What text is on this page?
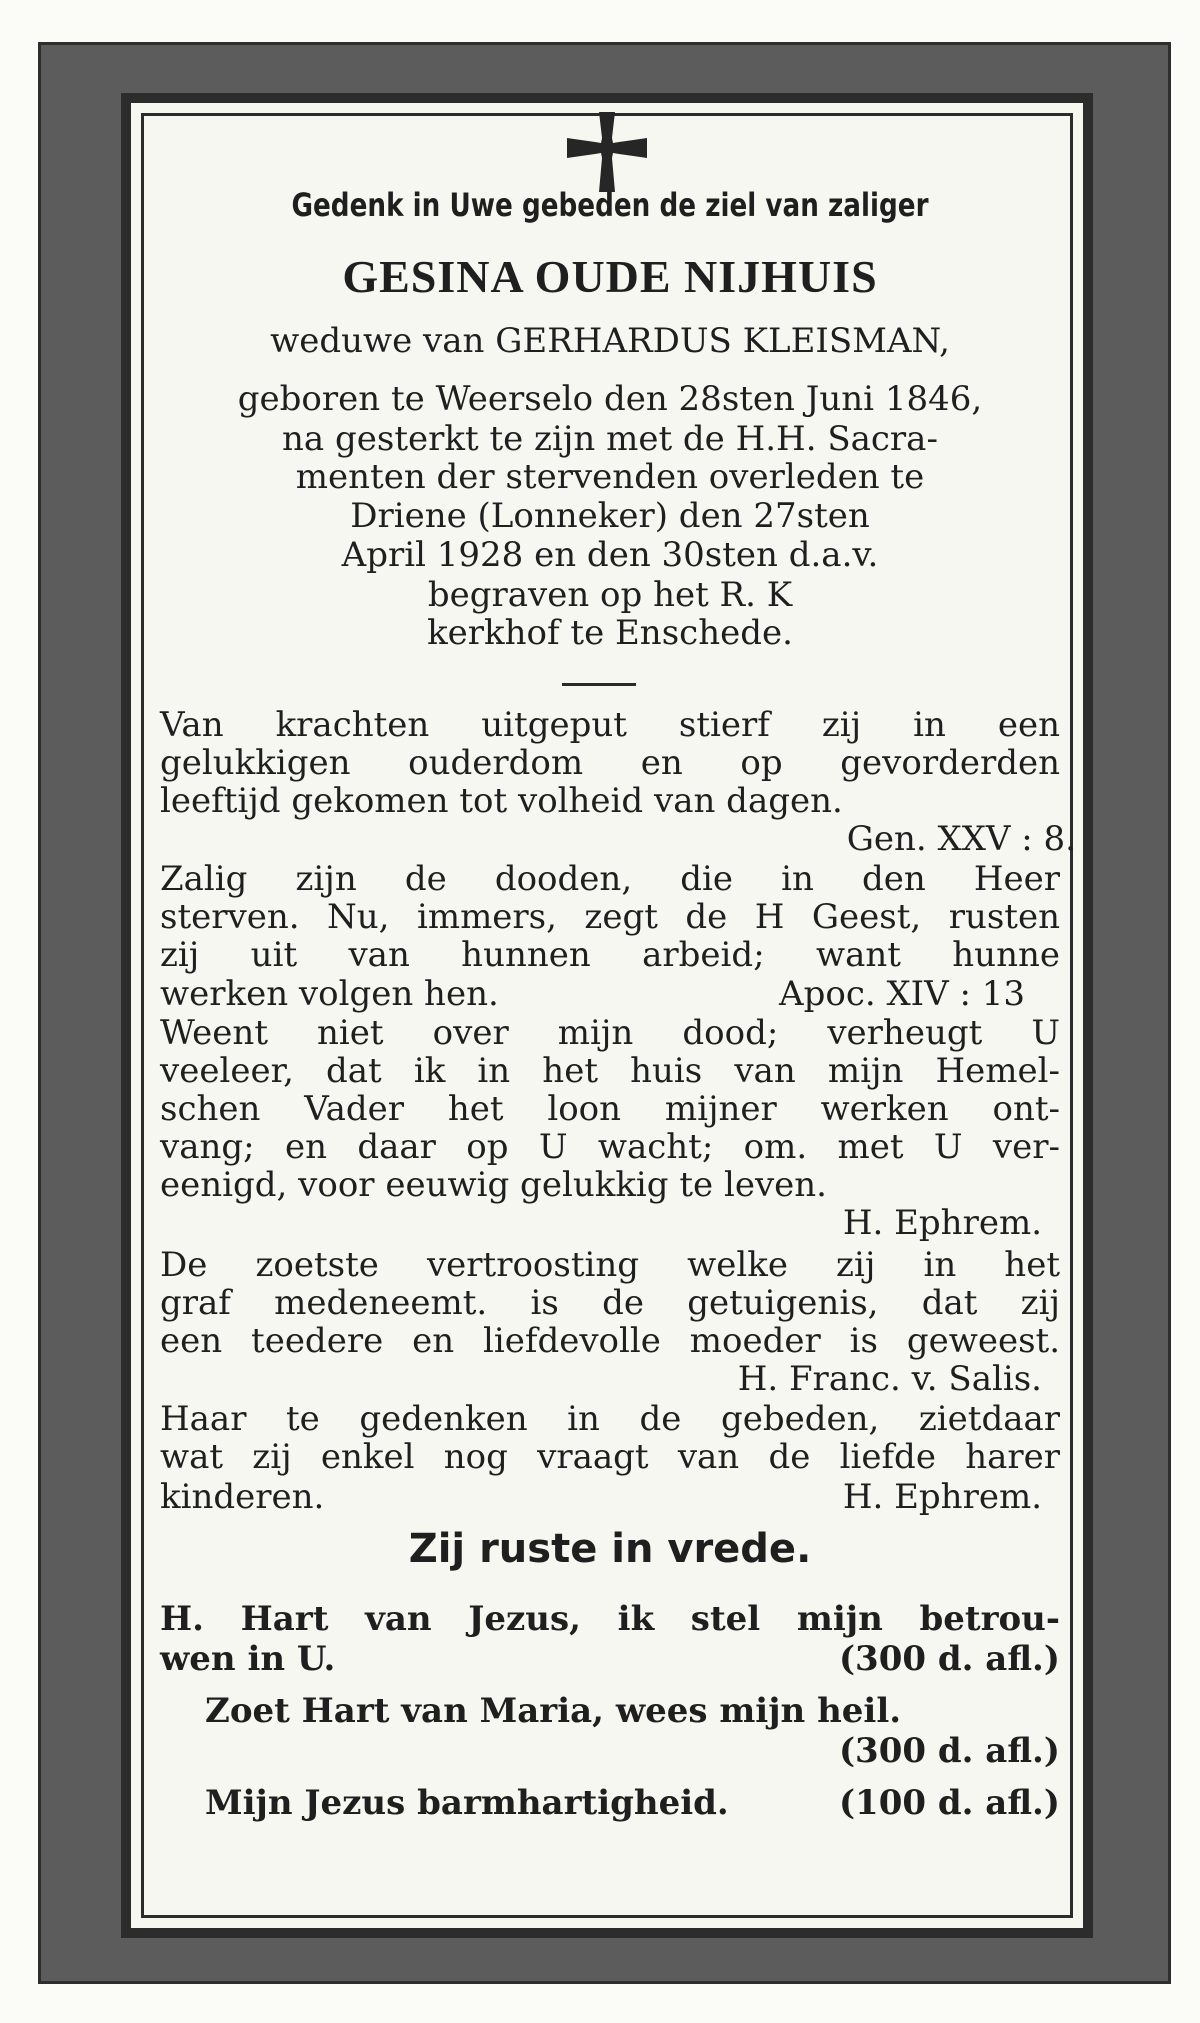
Gedenk in Uwe gebeden de ziel van zaliger
GESINA OUDE NIJHUIS
weduwe van GERHARDUS KLEISMAN,
geboren te Weerselo den 28sten Juni 1846,
na gesterkt te zijn met de H.H. Sacra-
menten der stervenden overleden te
Driene (Lonneker) den 27sten
April 1928 en den 30sten d.a.v.
begraven op het R. K
kerkhof te Enschede.
Van krachten uitgeput stierf zij in een
gelukkigen ouderdom en op gevorderden
leeftijd gekomen tot volheid van dagen.
Gen. XXV : 8.
Zalig zijn de dooden, die in den Heer
sterven. Nu, immers, zegt de H Geest, rusten
zij uit van hunnen arbeid; want hunne
werken volgen hen.	Apoc. XIV : 13
Weent niet over mijn dood; verheugt U
veeleer, dat ik in het huis van mijn Hemel-
schen Vader het loon mijner werken ont-
vang; en daar op U wacht; om. met U ver-
eenigd, voor eeuwig gelukkig te leven.
H. Ephrem.
De zoetste vertroosting welke zij in het
graf medeneemt. is de getuigenis, dat zij
een teedere en liefdevolle moeder is geweest.
H. Franc. v. Salis.
Haar te gedenken in de gebeden, zietdaar
wat zij enkel nog vraagt van de liefde harer
kinderen.	H. Ephrem.
Zij ruste in vrede.
H. Hart van Jezus, ik stel mijn betrou-
wen in U.	(300 d. afl.)
Zoet Hart van Maria, wees mijn heil.
(300 d. afl.)
Mijn Jezus barmhartigheid.	(100 d. afl.)
